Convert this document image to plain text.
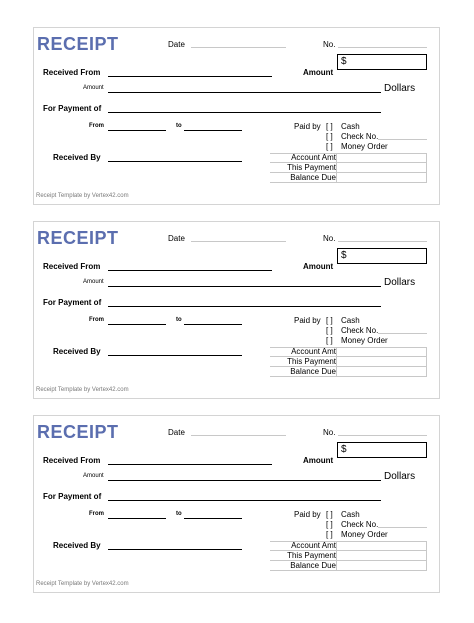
RECEIPT	Date	No.
Received From	Amount
$
Amount	Dollars
For Payment of
From	to	Paid by [ ] Cash
[ ] Check No.
[ ] Money Order
Received By	Account Amt
This Payment
Balance Due
Receipt Template by Vertex42.com
RECEIPT	Date	No.
Received From	Amount
$
Amount	Dollars
For Payment of
From	to	Paid by [ ] Cash
[ ] Check No.
[ ] Money Order
Received By	Account Amt
This Payment
Balance Due
Receipt Template by Vertex42.com
RECEIPT	Date	No.
Received From	Amount
$
Amount	Dollars
For Payment of
From	to	Paid by [ ] Cash
[ ] Check No.
[ ] Money Order
Received By	Account Amt
This Payment
Balance Due
Receipt Template by Vertex42.com
